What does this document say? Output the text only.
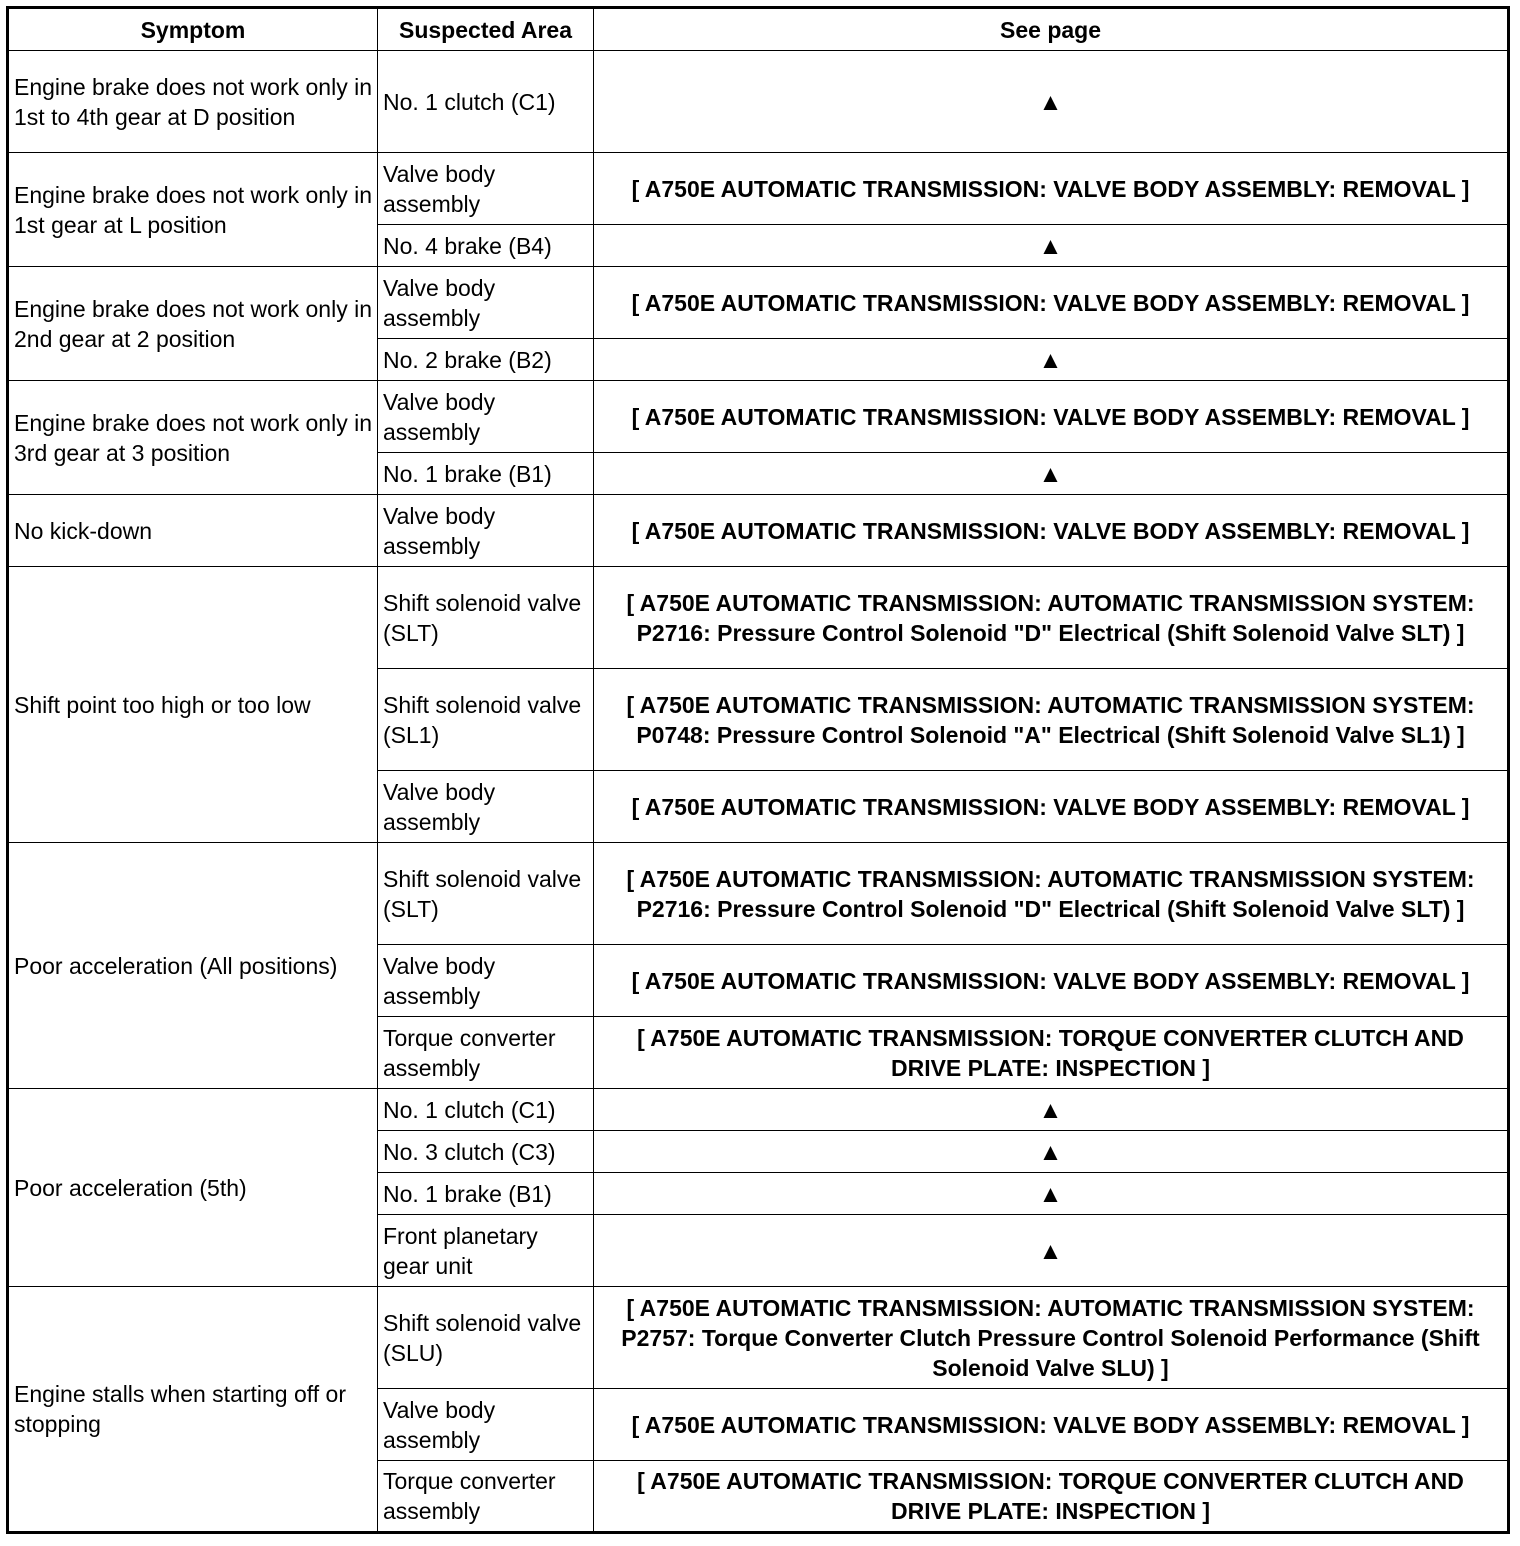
Symptom	Suspected Area	See page
Engine brake does not work only in 1st to 4th gear at D position	No. 1 clutch (C1)	▲
Engine brake does not work only in 1st gear at L position	Valve body assembly	[ A750E AUTOMATIC TRANSMISSION: VALVE BODY ASSEMBLY: REMOVAL ]
	No. 4 brake (B4)	▲
Engine brake does not work only in 2nd gear at 2 position	Valve body assembly	[ A750E AUTOMATIC TRANSMISSION: VALVE BODY ASSEMBLY: REMOVAL ]
	No. 2 brake (B2)	▲
Engine brake does not work only in 3rd gear at 3 position	Valve body assembly	[ A750E AUTOMATIC TRANSMISSION: VALVE BODY ASSEMBLY: REMOVAL ]
	No. 1 brake (B1)	▲
No kick-down	Valve body assembly	[ A750E AUTOMATIC TRANSMISSION: VALVE BODY ASSEMBLY: REMOVAL ]
Shift point too high or too low	Shift solenoid valve (SLT)	[ A750E AUTOMATIC TRANSMISSION: AUTOMATIC TRANSMISSION SYSTEM: P2716: Pressure Control Solenoid "D" Electrical (Shift Solenoid Valve SLT) ]
	Shift solenoid valve (SL1)	[ A750E AUTOMATIC TRANSMISSION: AUTOMATIC TRANSMISSION SYSTEM: P0748: Pressure Control Solenoid "A" Electrical (Shift Solenoid Valve SL1) ]
	Valve body assembly	[ A750E AUTOMATIC TRANSMISSION: VALVE BODY ASSEMBLY: REMOVAL ]
Poor acceleration (All positions)	Shift solenoid valve (SLT)	[ A750E AUTOMATIC TRANSMISSION: AUTOMATIC TRANSMISSION SYSTEM: P2716: Pressure Control Solenoid "D" Electrical (Shift Solenoid Valve SLT) ]
	Valve body assembly	[ A750E AUTOMATIC TRANSMISSION: VALVE BODY ASSEMBLY: REMOVAL ]
	Torque converter assembly	[ A750E AUTOMATIC TRANSMISSION: TORQUE CONVERTER CLUTCH AND DRIVE PLATE: INSPECTION ]
Poor acceleration (5th)	No. 1 clutch (C1)	▲
	No. 3 clutch (C3)	▲
	No. 1 brake (B1)	▲
	Front planetary gear unit	▲
Engine stalls when starting off or stopping	Shift solenoid valve (SLU)	[ A750E AUTOMATIC TRANSMISSION: AUTOMATIC TRANSMISSION SYSTEM: P2757: Torque Converter Clutch Pressure Control Solenoid Performance (Shift Solenoid Valve SLU) ]
	Valve body assembly	[ A750E AUTOMATIC TRANSMISSION: VALVE BODY ASSEMBLY: REMOVAL ]
	Torque converter assembly	[ A750E AUTOMATIC TRANSMISSION: TORQUE CONVERTER CLUTCH AND DRIVE PLATE: INSPECTION ]
